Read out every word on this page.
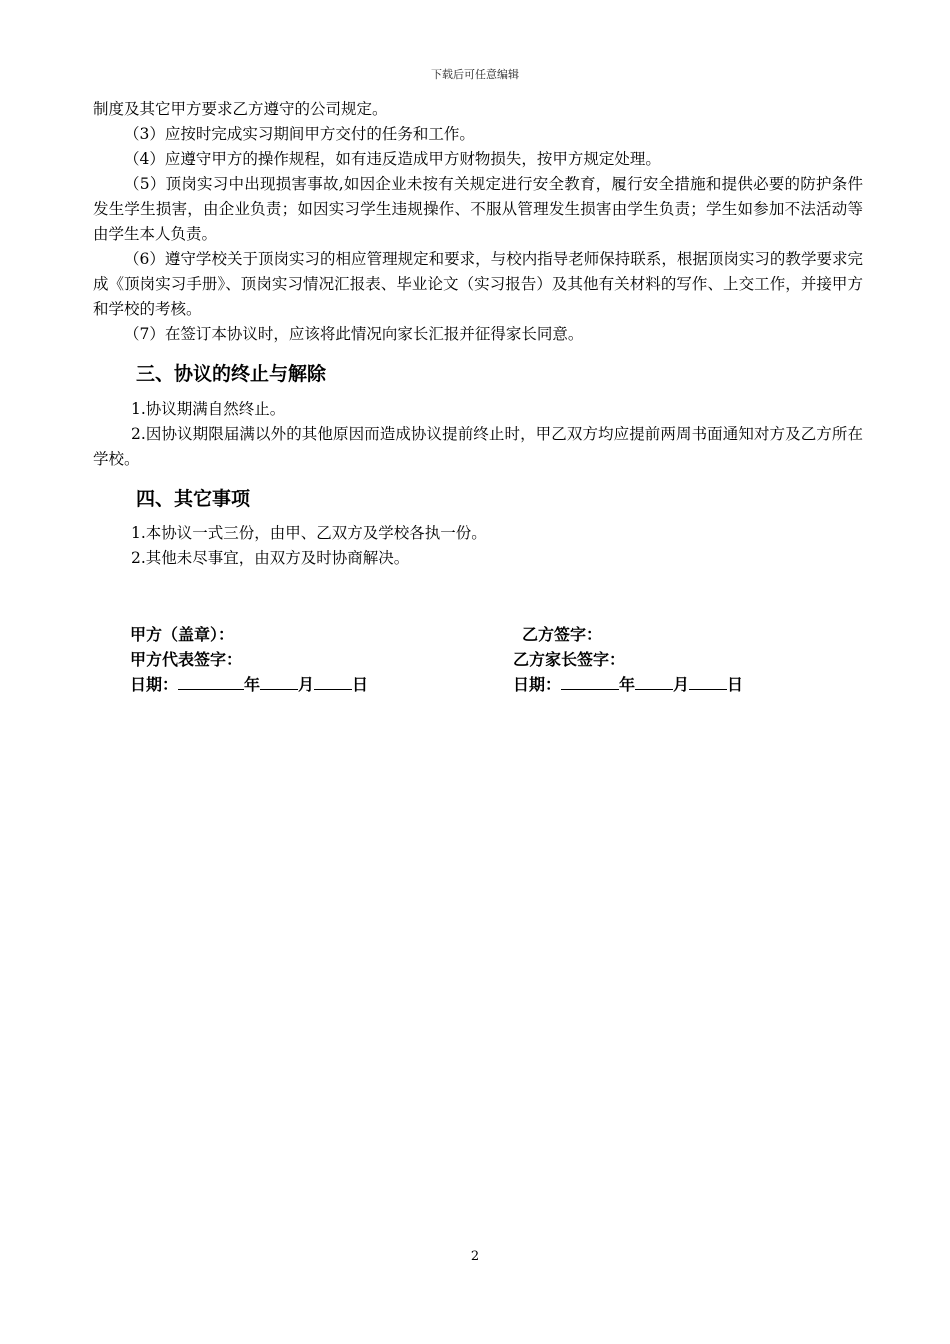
下载后可任意编辑

制度及其它甲方要求乙方遵守的公司规定。

（3）应按时完成实习期间甲方交付的任务和工作。

（4）应遵守甲方的操作规程，如有违反造成甲方财物损失，按甲方规定处理。

（5）顶岗实习中出现损害事故,如因企业未按有关规定进行安全教育，履行安全措施和提供必要的防护条件发生学生损害，由企业负责；如因实习学生违规操作、不服从管理发生损害由学生负责；学生如参加不法活动等由学生本人负责。

（6）遵守学校关于顶岗实习的相应管理规定和要求，与校内指导老师保持联系，根据顶岗实习的教学要求完成《顶岗实习手册》、顶岗实习情况汇报表、毕业论文（实习报告）及其他有关材料的写作、上交工作，并接甲方和学校的考核。

（7）在签订本协议时，应该将此情况向家长汇报并征得家长同意。

三、协议的终止与解除

1.协议期满自然终止。

2.因协议期限届满以外的其他原因而造成协议提前终止时，甲乙双方均应提前两周书面通知对方及乙方所在学校。

四、其它事项

1.本协议一式三份，由甲、乙双方及学校各执一份。

2.其他未尽事宜，由双方及时协商解决。

甲方（盖章）：	乙方签字：
甲方代表签字：	乙方家长签字：
日期：	年 月 日	日期：	年 月 日
2
